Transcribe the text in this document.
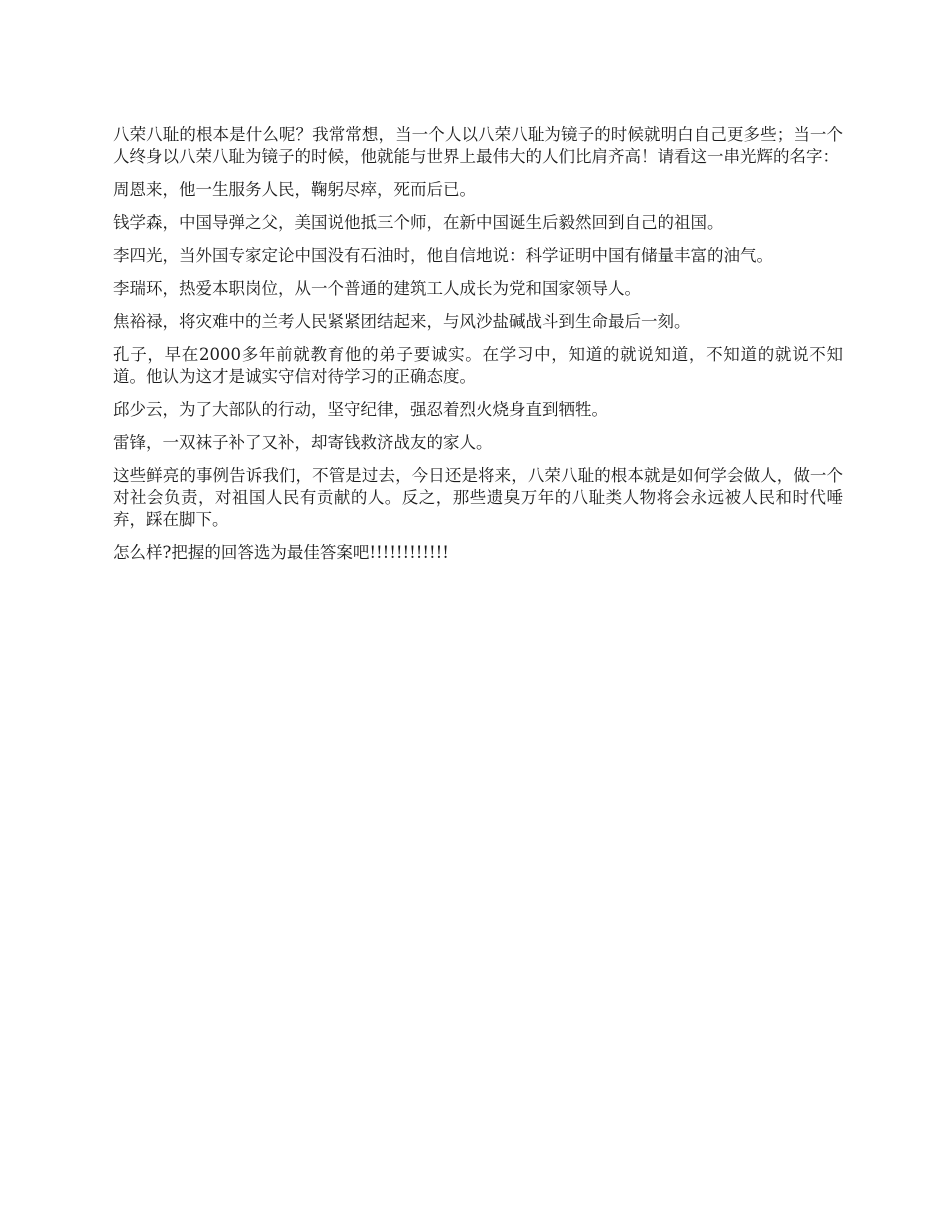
八荣八耻的根本是什么呢？我常常想，当一个人以八荣八耻为镜子的时候就明白自己更多些；当一个人终身以八荣八耻为镜子的时候，他就能与世界上最伟大的人们比肩齐高！请看这一串光辉的名字：

周恩来，他一生服务人民，鞠躬尽瘁，死而后已。

钱学森，中国导弹之父，美国说他抵三个师，在新中国诞生后毅然回到自己的祖国。

李四光，当外国专家定论中国没有石油时，他自信地说：科学证明中国有储量丰富的油气。

李瑞环，热爱本职岗位，从一个普通的建筑工人成长为党和国家领导人。

焦裕禄，将灾难中的兰考人民紧紧团结起来，与风沙盐碱战斗到生命最后一刻。

孔子，早在2000多年前就教育他的弟子要诚实。在学习中，知道的就说知道，不知道的就说不知道。他认为这才是诚实守信对待学习的正确态度。

邱少云，为了大部队的行动，坚守纪律，强忍着烈火烧身直到牺牲。

雷锋，一双袜子补了又补，却寄钱救济战友的家人。

这些鲜亮的事例告诉我们，不管是过去，今日还是将来，八荣八耻的根本就是如何学会做人，做一个对社会负责，对祖国人民有贡献的人。反之，那些遗臭万年的八耻类人物将会永远被人民和时代唾弃，踩在脚下。

怎么样?把握的回答选为最佳答案吧!!!!!!!!!!!!
